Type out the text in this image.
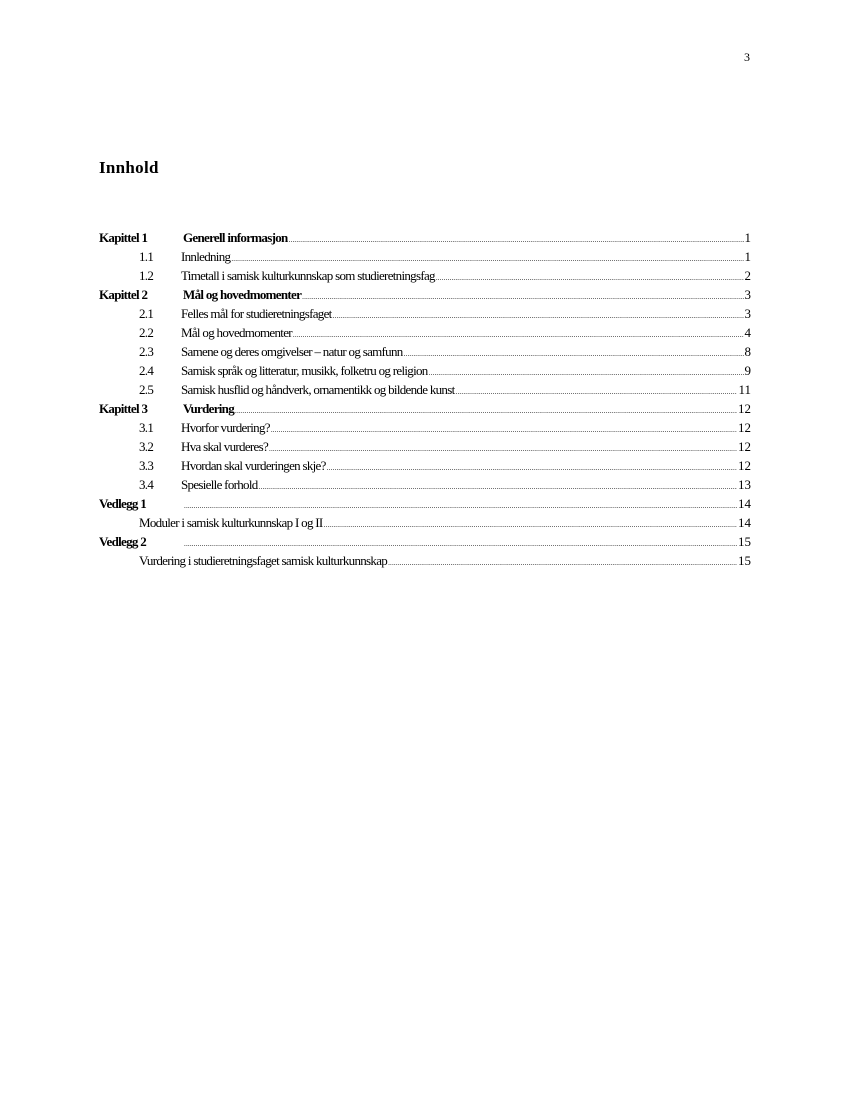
3
Innhold
Kapittel 1	Generell informasjon .....	1
1.1	Innledning .....	1
1.2	Timetall i samisk kulturkunnskap som studieretningsfag .....	2
Kapittel 2	Mål og hovedmomenter .....	3
2.1	Felles mål for studieretningsfaget .....	3
2.2	Mål og hovedmomenter .....	4
2.3	Samene og deres omgivelser – natur og samfunn .....	8
2.4	Samisk språk og litteratur, musikk, folketru og religion .....	9
2.5	Samisk husflid og håndverk, ornamentikk og bildende kunst .....	11
Kapittel 3	Vurdering .....	12
3.1	Hvorfor vurdering? .....	12
3.2	Hva skal vurderes? .....	12
3.3	Hvordan skal vurderingen skje? .....	12
3.4	Spesielle forhold .....	13
Vedlegg 1 .....	14
Moduler i samisk kulturkunnskap I og II .....	14
Vedlegg 2 .....	15
Vurdering i studieretningsfaget samisk kulturkunnskap .....	15
